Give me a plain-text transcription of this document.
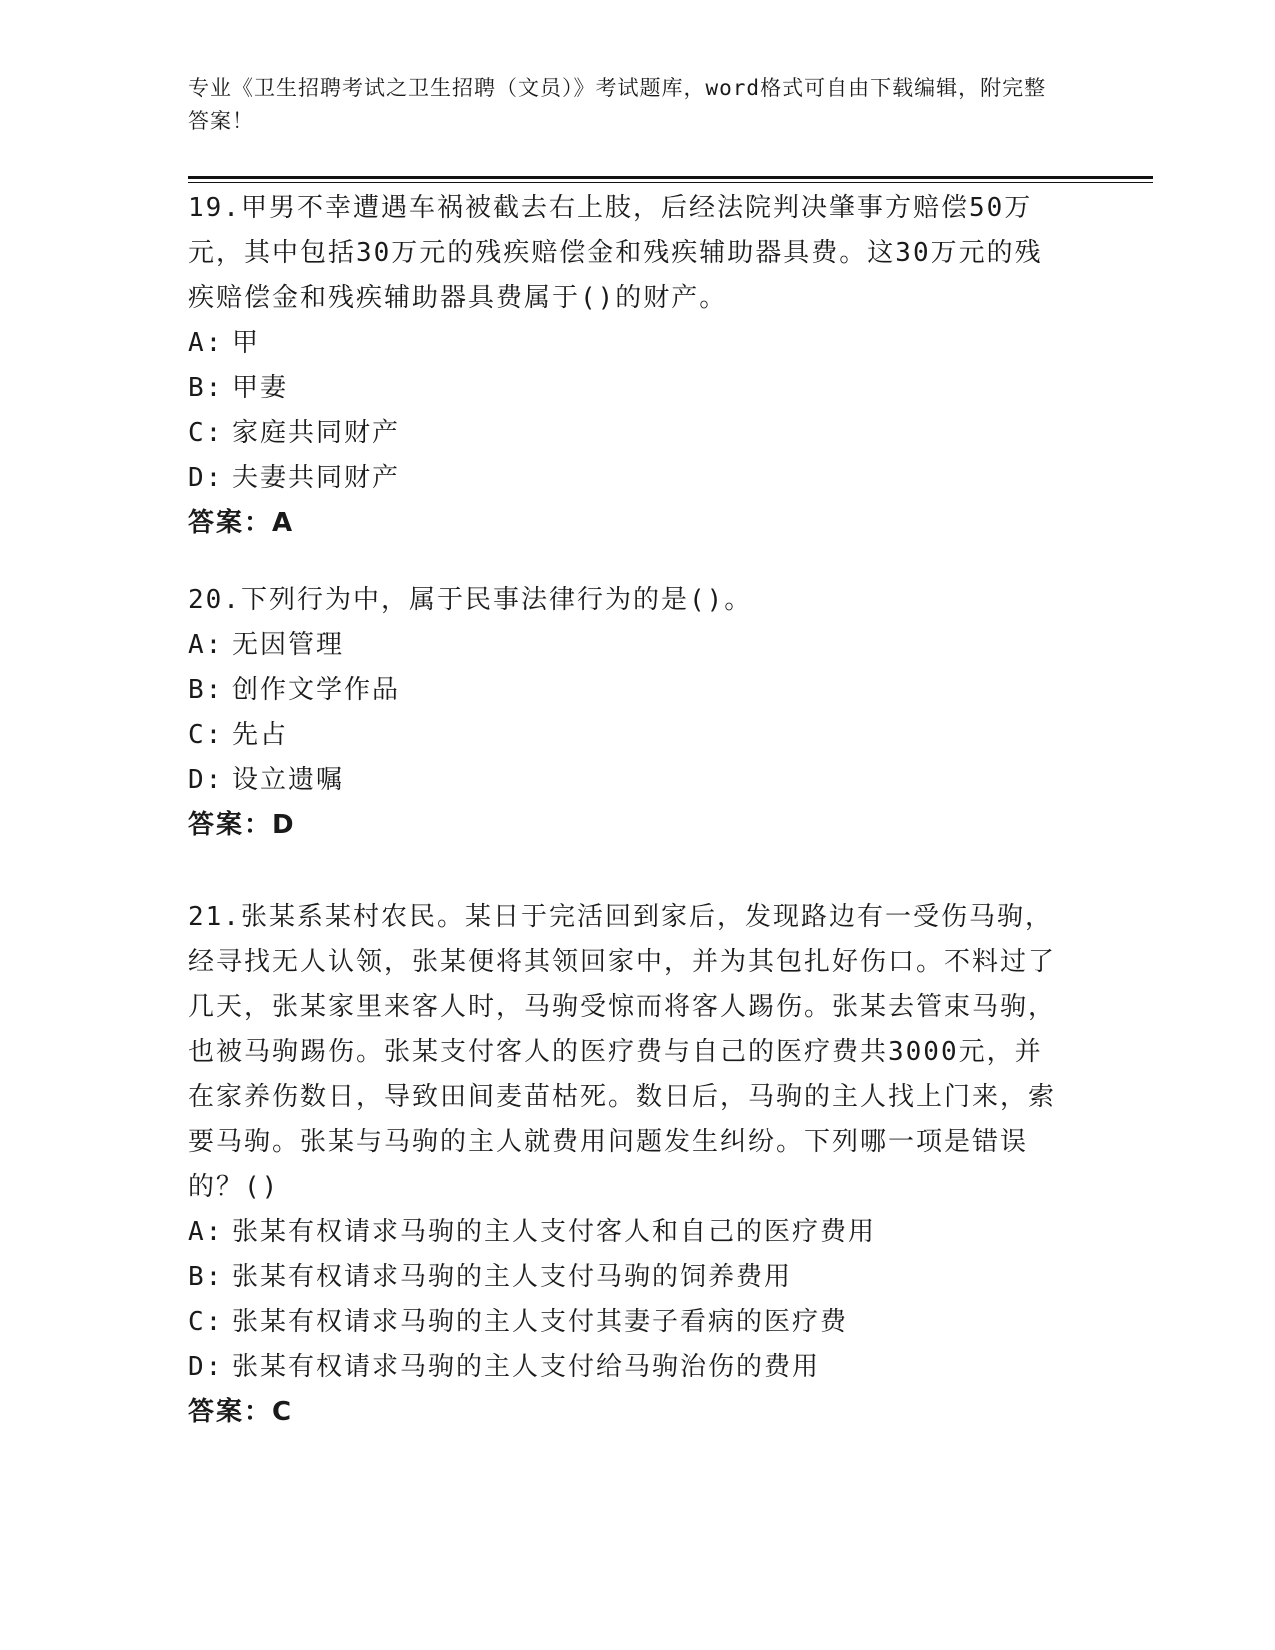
专业《卫生招聘考试之卫生招聘（文员）》考试题库，word格式可自由下载编辑，附完整答案！

19.甲男不幸遭遇车祸被截去右上肢，后经法院判决肇事方赔偿50万元，其中包括30万元的残疾赔偿金和残疾辅助器具费。这30万元的残疾赔偿金和残疾辅助器具费属于()的财产。

A: 甲

B: 甲妻

C: 家庭共同财产

D: 夫妻共同财产

答案：A

20.下列行为中，属于民事法律行为的是()。

A: 无因管理

B: 创作文学作品

C: 先占

D: 设立遗嘱

答案：D

21.张某系某村农民。某日于完活回到家后，发现路边有一受伤马驹，经寻找无人认领，张某便将其领回家中，并为其包扎好伤口。不料过了几天，张某家里来客人时，马驹受惊而将客人踢伤。张某去管束马驹，也被马驹踢伤。张某支付客人的医疗费与自己的医疗费共3000元，并在家养伤数日，导致田间麦苗枯死。数日后，马驹的主人找上门来，索要马驹。张某与马驹的主人就费用问题发生纠纷。下列哪一项是错误的？()

A: 张某有权请求马驹的主人支付客人和自己的医疗费用

B: 张某有权请求马驹的主人支付马驹的饲养费用

C: 张某有权请求马驹的主人支付其妻子看病的医疗费

D: 张某有权请求马驹的主人支付给马驹治伤的费用

答案：C
